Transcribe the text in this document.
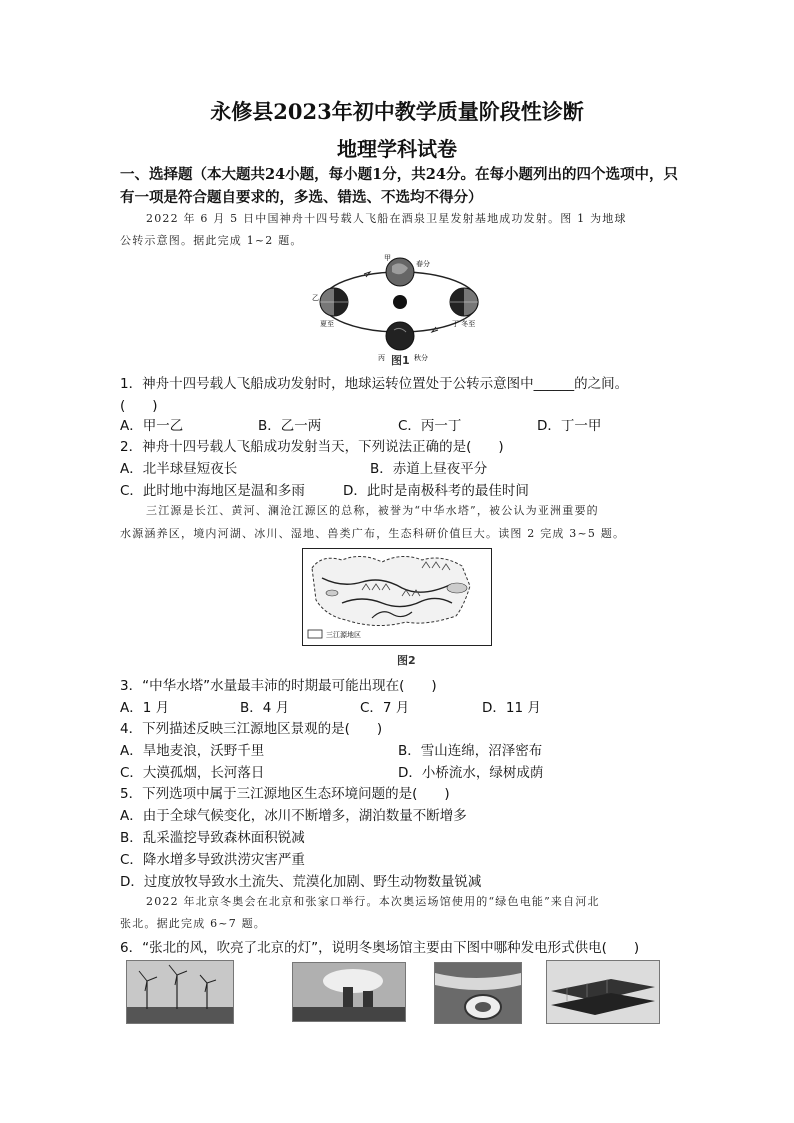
永修县2023年初中教学质量阶段性诊断
地理学科试卷
一、选择题（本大题共24小题，每小题1分，共24分。在每小题列出的四个选项中，只
有一项是符合题自要求的，多选、错选、不选均不得分）
2022 年 6 月 5 日中国神舟十四号载人飞船在酒泉卫星发射基地成功发射。图 1 为地球
公转示意图。据此完成 1~2 题。
甲
春分
乙
夏至	丁 冬至
丙	秋分
图1
1．神舟十四号载人飞船成功发射时，地球运转位置处于公转示意图中______的之间。
(　　)
A．甲一乙	B．乙一两	C．丙一丁	D．丁一甲
2．神舟十四号载人飞船成功发射当天，下列说法正确的是(　　)
A．北半球昼短夜长	B．赤道上昼夜平分
C．此时地中海地区是温和多雨	D．此时是南极科考的最佳时间
三江源是长江、黄河、澜沧江源区的总称，被誉为“中华水塔”，被公认为亚洲重要的
水源涵养区，境内河湖、冰川、湿地、兽类广布，生态科研价值巨大。读图 2 完成 3~5 题。
三江源地区
图2
3．“中华水塔”水量最丰沛的时期最可能出现在(　　)
A．1 月	B．4 月	C．7 月	D．11 月
4．下列描述反映三江源地区景观的是(　　)
A．旱地麦浪，沃野千里	B．雪山连绵，沼泽密布
C．大漠孤烟，长河落日	D．小桥流水，绿树成荫
5．下列选项中属于三江源地区生态环境问题的是(　　)
A．由于全球气候变化，冰川不断增多，湖泊数量不断增多
B．乱采滥挖导致森林面积锐减
C．降水增多导致洪涝灾害严重
D．过度放牧导致水土流失、荒漠化加剧、野生动物数量锐减
2022 年北京冬奥会在北京和张家口举行。本次奥运场馆使用的“绿色电能”来自河北
张北。据此完成 6~7 题。
6．“张北的风，吹亮了北京的灯”，说明冬奥场馆主要由下图中哪种发电形式供电(　　)
